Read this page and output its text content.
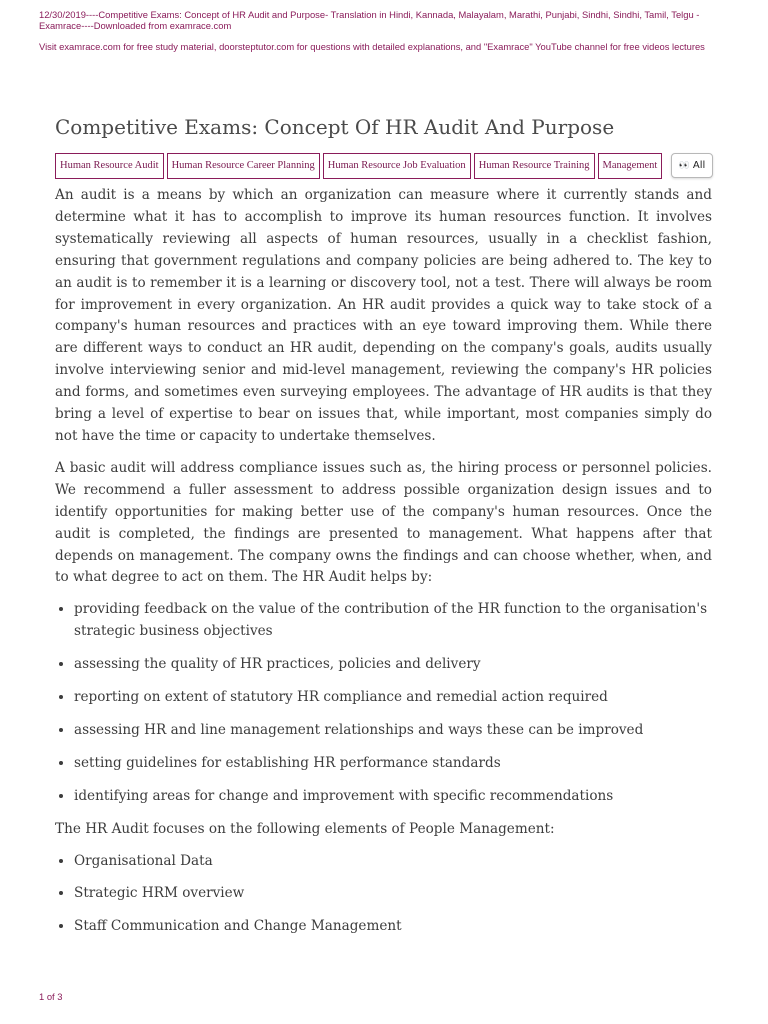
12/30/2019----Competitive Exams: Concept of HR Audit and Purpose- Translation in Hindi, Kannada, Malayalam, Marathi, Punjabi, Sindhi, Sindhi, Tamil, Telgu - Examrace----Downloaded from examrace.com

Visit examrace.com for free study material, doorsteptutor.com for questions with detailed explanations, and "Examrace" YouTube channel for free videos lectures

Competitive Exams: Concept Of HR Audit And Purpose
Human Resource Audit Human Resource Career Planning Human Resource Job Evaluation Human Resource Training Management	👀 All

An audit is a means by which an organization can measure where it currently stands and determine what it has to accomplish to improve its human resources function. It involves systematically reviewing all aspects of human resources, usually in a checklist fashion, ensuring that government regulations and company policies are being adhered to. The key to an audit is to remember it is a learning or discovery tool, not a test. There will always be room for improvement in every organization. An HR audit provides a quick way to take stock of a company's human resources and practices with an eye toward improving them. While there are different ways to conduct an HR audit, depending on the company's goals, audits usually involve interviewing senior and mid-level management, reviewing the company's HR policies and forms, and sometimes even surveying employees. The advantage of HR audits is that they bring a level of expertise to bear on issues that, while important, most companies simply do not have the time or capacity to undertake themselves.

A basic audit will address compliance issues such as, the hiring process or personnel policies. We recommend a fuller assessment to address possible organization design issues and to identify opportunities for making better use of the company's human resources. Once the audit is completed, the findings are presented to management. What happens after that depends on management. The company owns the findings and can choose whether, when, and to what degree to act on them. The HR Audit helps by:

• providing feedback on the value of the contribution of the HR function to the organisation's strategic business objectives
• assessing the quality of HR practices, policies and delivery
• reporting on extent of statutory HR compliance and remedial action required
• assessing HR and line management relationships and ways these can be improved
• setting guidelines for establishing HR performance standards
• identifying areas for change and improvement with specific recommendations

The HR Audit focuses on the following elements of People Management:

• Organisational Data
• Strategic HRM overview
• Staff Communication and Change Management
1 of 3
